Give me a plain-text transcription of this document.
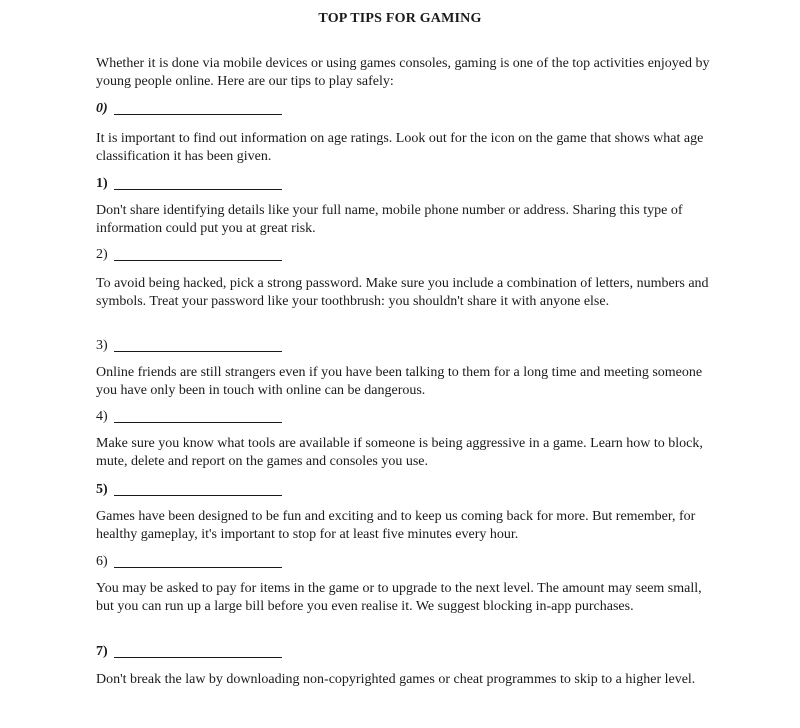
TOP TIPS FOR GAMING
Whether it is done via mobile devices or using games consoles, gaming is one of the top activities enjoyed by young people online. Here are our tips to play safely:
0)
It is important to find out information on age ratings. Look out for the icon on the game that shows what age classification it has been given.
1)
Don't share identifying details like your full name, mobile phone number or address. Sharing this type of information could put you at great risk.
2)
To avoid being hacked, pick a strong password. Make sure you include a combination of letters, numbers and symbols. Treat your password like your toothbrush: you shouldn't share it with anyone else.
3)
Online friends are still strangers even if you have been talking to them for a long time and meeting someone you have only been in touch with online can be dangerous.
4)
Make sure you know what tools are available if someone is being aggressive in a game. Learn how to block, mute, delete and report on the games and consoles you use.
5)
Games have been designed to be fun and exciting and to keep us coming back for more. But remember, for healthy gameplay, it's important to stop for at least five minutes every hour.
6)
You may be asked to pay for items in the game or to upgrade to the next level. The amount may seem small, but you can run up a large bill before you even realise it. We suggest blocking in-app purchases.
7)
Don't break the law by downloading non-copyrighted games or cheat programmes to skip to a higher level.
